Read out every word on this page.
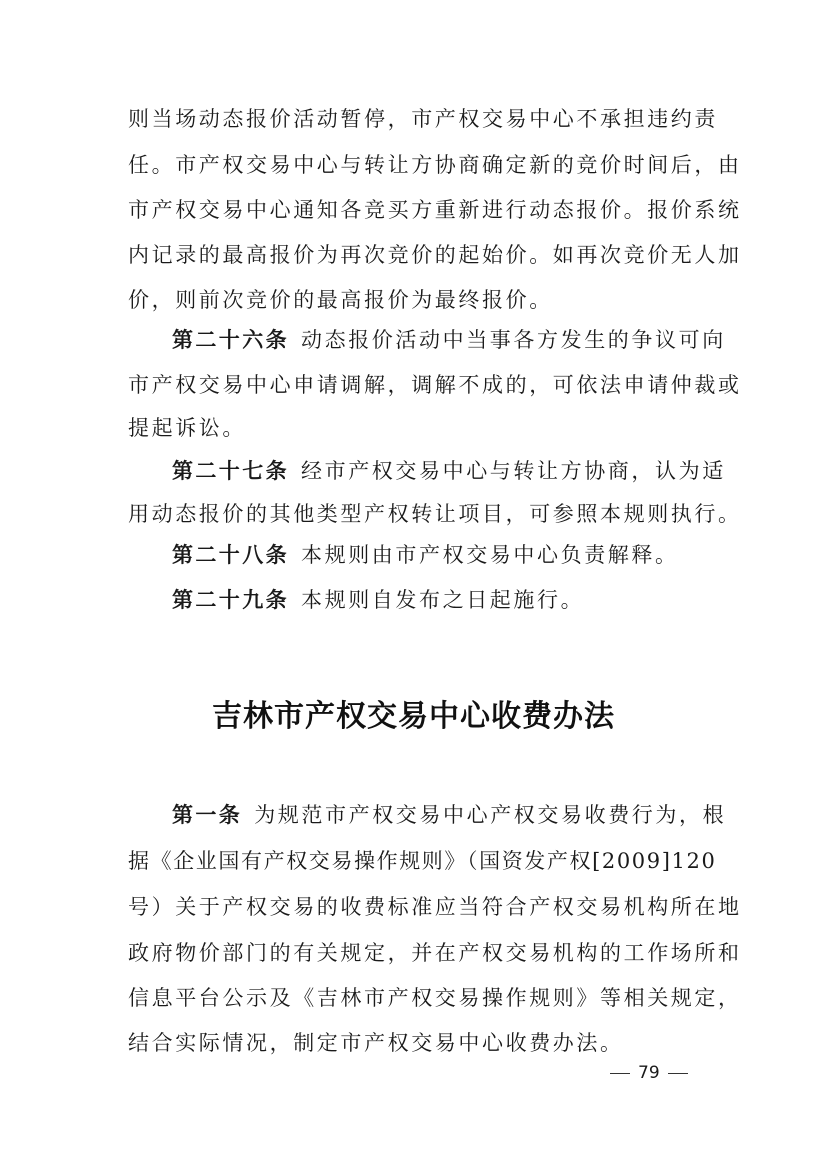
则当场动态报价活动暂停，市产权交易中心不承担违约责
任。市产权交易中心与转让方协商确定新的竞价时间后，由
市产权交易中心通知各竞买方重新进行动态报价。报价系统
内记录的最高报价为再次竞价的起始价。如再次竞价无人加
价，则前次竞价的最高报价为最终报价。
第二十六条 动态报价活动中当事各方发生的争议可向
市产权交易中心申请调解，调解不成的，可依法申请仲裁或
提起诉讼。
第二十七条 经市产权交易中心与转让方协商，认为适
用动态报价的其他类型产权转让项目，可参照本规则执行。
第二十八条 本规则由市产权交易中心负责解释。
第二十九条 本规则自发布之日起施行。
吉林市产权交易中心收费办法
第一条 为规范市产权交易中心产权交易收费行为，根
据《企业国有产权交易操作规则》（国资发产权[2009]120
号）关于产权交易的收费标准应当符合产权交易机构所在地
政府物价部门的有关规定，并在产权交易机构的工作场所和
信息平台公示及《吉林市产权交易操作规则》等相关规定，
结合实际情况，制定市产权交易中心收费办法。
79
